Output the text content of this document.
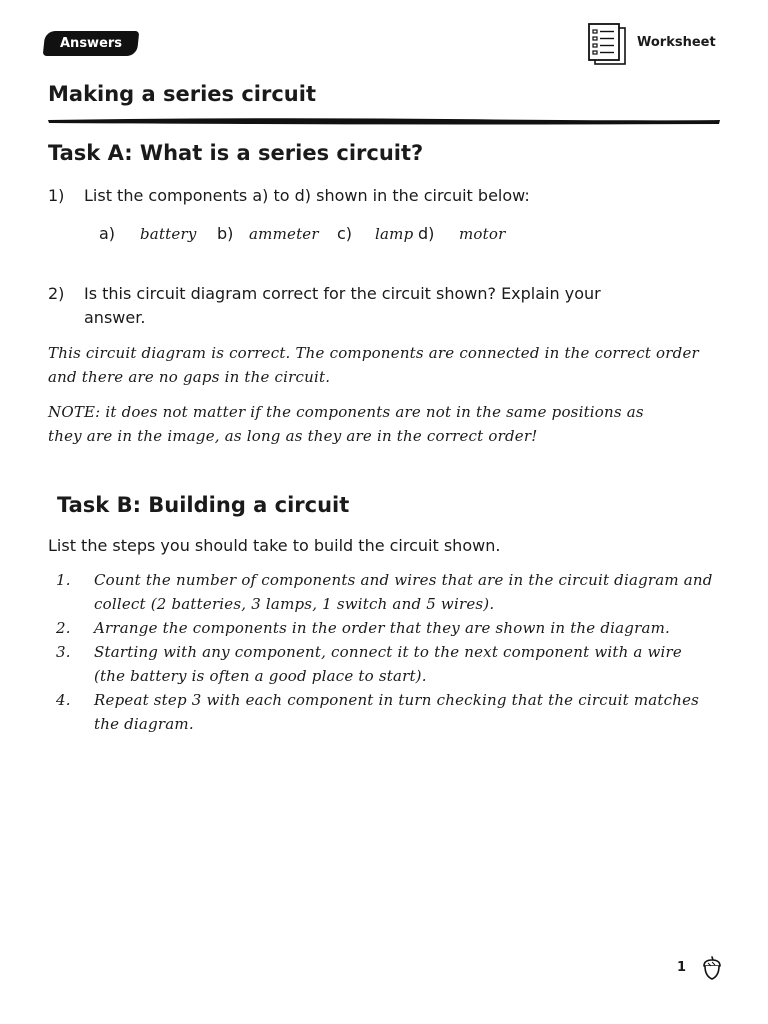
Answers	Worksheet
Making a series circuit
Task A: What is a series circuit?
1) List the components a) to d) shown in the circuit below:
a) battery b) ammeter c) lamp d) motor
2) Is this circuit diagram correct for the circuit shown? Explain your
answer.
This circuit diagram is correct. The components are connected in the correct order
and there are no gaps in the circuit.
NOTE: it does not matter if the components are not in the same positions as
they are in the image, as long as they are in the correct order!
Task B: Building a circuit
List the steps you should take to build the circuit shown.
1. Count the number of components and wires that are in the circuit diagram and
collect (2 batteries, 3 lamps, 1 switch and 5 wires).
2. Arrange the components in the order that they are shown in the diagram.
3. Starting with any component, connect it to the next component with a wire
(the battery is often a good place to start).
4. Repeat step 3 with each component in turn checking that the circuit matches
the diagram.
1
